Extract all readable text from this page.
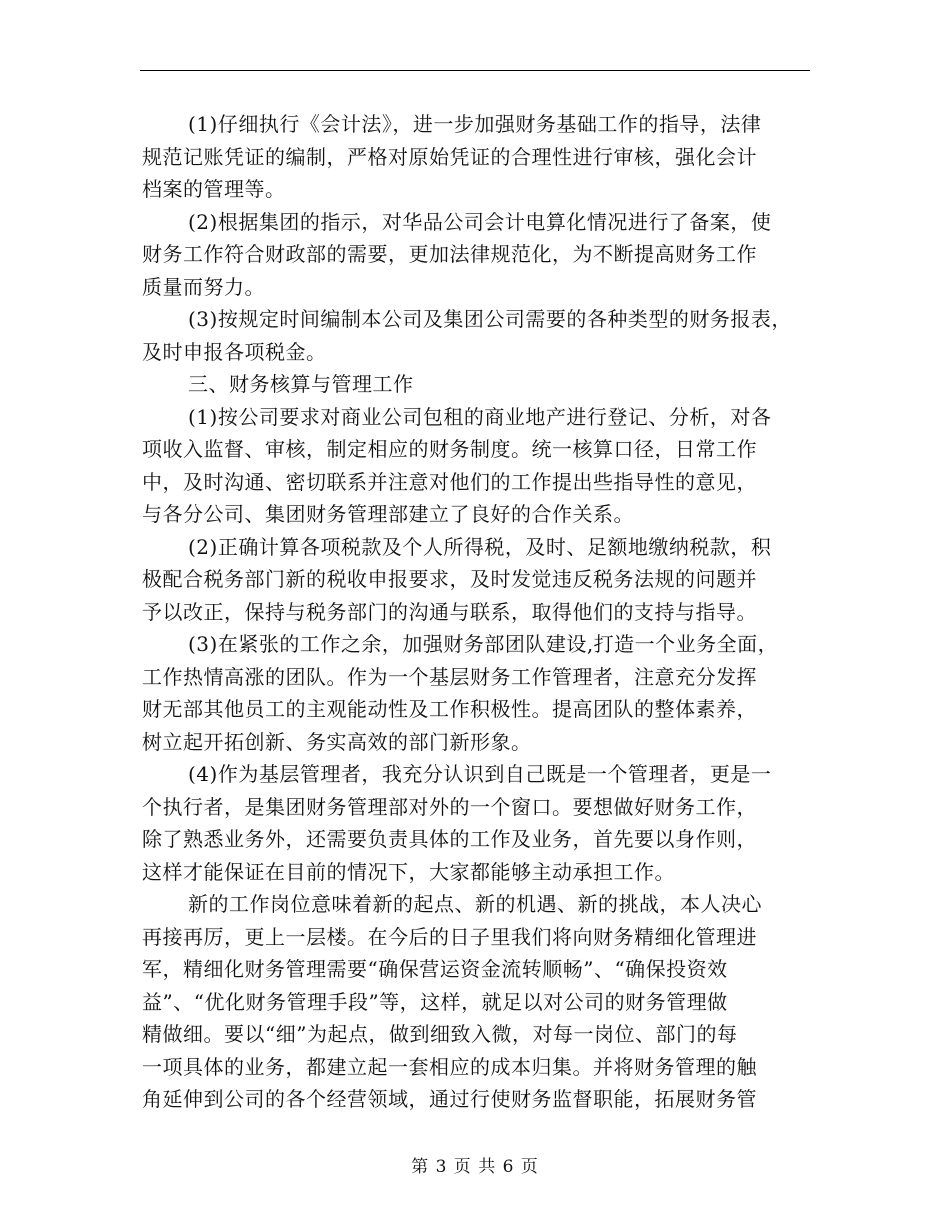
(1)仔细执行《会计法》，进一步加强财务基础工作的指导，法律
规范记账凭证的编制，严格对原始凭证的合理性进行审核，强化会计
档案的管理等。
(2)根据集团的指示，对华品公司会计电算化情况进行了备案，使
财务工作符合财政部的需要，更加法律规范化，为不断提高财务工作
质量而努力。
(3)按规定时间编制本公司及集团公司需要的各种类型的财务报表，
及时申报各项税金。
三、财务核算与管理工作
(1)按公司要求对商业公司包租的商业地产进行登记、分析，对各
项收入监督、审核，制定相应的财务制度。统一核算口径，日常工作
中，及时沟通、密切联系并注意对他们的工作提出些指导性的意见，
与各分公司、集团财务管理部建立了良好的合作关系。
(2)正确计算各项税款及个人所得税，及时、足额地缴纳税款，积
极配合税务部门新的税收申报要求，及时发觉违反税务法规的问题并
予以改正，保持与税务部门的沟通与联系，取得他们的支持与指导。
(3)在紧张的工作之余，加强财务部团队建设,打造一个业务全面，
工作热情高涨的团队。作为一个基层财务工作管理者，注意充分发挥
财无部其他员工的主观能动性及工作积极性。提高团队的整体素养，
树立起开拓创新、务实高效的部门新形象。
(4)作为基层管理者，我充分认识到自己既是一个管理者，更是一
个执行者，是集团财务管理部对外的一个窗口。要想做好财务工作，
除了熟悉业务外，还需要负责具体的工作及业务，首先要以身作则，
这样才能保证在目前的情况下，大家都能够主动承担工作。
新的工作岗位意味着新的起点、新的机遇、新的挑战，本人决心
再接再厉，更上一层楼。在今后的日子里我们将向财务精细化管理进
军，精细化财务管理需要“确保营运资金流转顺畅”、“确保投资效
益”、“优化财务管理手段”等，这样，就足以对公司的财务管理做
精做细。要以“细”为起点，做到细致入微，对每一岗位、部门的每
一项具体的业务，都建立起一套相应的成本归集。并将财务管理的触
角延伸到公司的各个经营领域，通过行使财务监督职能，拓展财务管
第 3 页 共 6 页
